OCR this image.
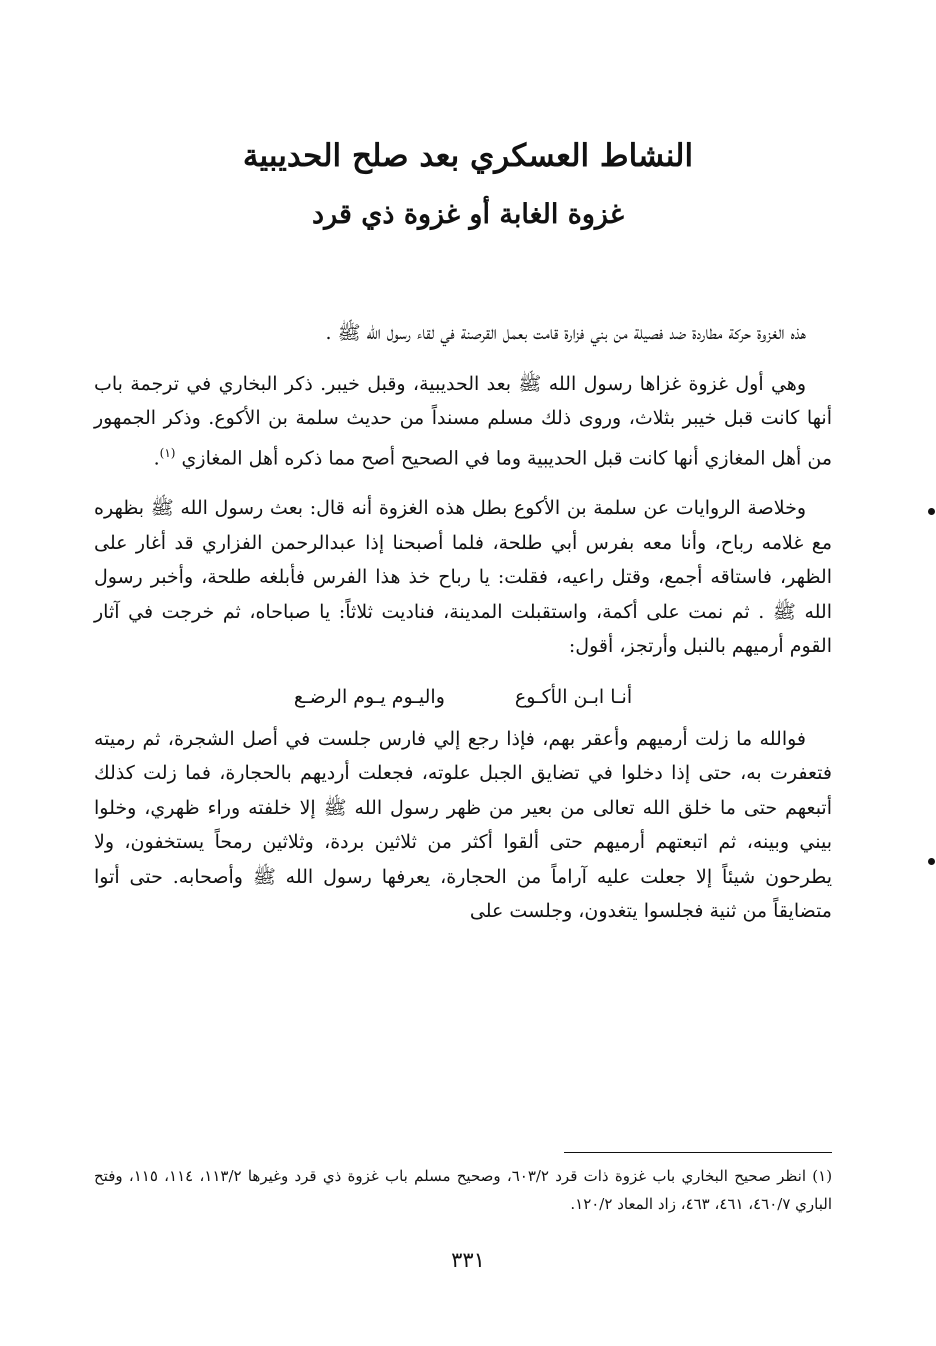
النشاط العسكري بعد صلح الحديبية
غزوة الغابة أو غزوة ذي قرد

هذه الغزوة حركة مطاردة ضد فصيلة من بني فزارة قامت بعمل القرصنة في لقاء رسول الله ﷺ .

وهي أول غزوة غزاها رسول الله ﷺ بعد الحديبية، وقبل خيبر. ذكر البخاري في ترجمة باب أنها كانت قبل خيبر بثلاث، وروى ذلك مسلم مسنداً من حديث سلمة بن الأكوع. وذكر الجمهور من أهل المغازي أنها كانت قبل الحديبية وما في الصحيح أصح مما ذكره أهل المغازي $^{(١)}$.

وخلاصة الروايات عن سلمة بن الأكوع بطل هذه الغزوة أنه قال: بعث رسول الله ﷺ بظهره مع غلامه رباح، وأنا معه بفرس أبي طلحة، فلما أصبحنا إذا عبدالرحمن الفزاري قد أغار على الظهر، فاستاقه أجمع، وقتل راعيه، فقلت: يا رباح خذ هذا الفرس فأبلغه طلحة، وأخبر رسول الله ﷺ . ثم نمت على أكمة، واستقبلت المدينة، فناديت ثلاثاً: يا صباحاه، ثم خرجت في آثار القوم أرميهم بالنبل وأرتجز، أقول:

أنـا ابـن الأكـوع
واليـوم يـوم الرضـع

فوالله ما زلت أرميهم وأعقر بهم، فإذا رجع إلي فارس جلست في أصل الشجرة، ثم رميته فتعفرت به، حتى إذا دخلوا في تضايق الجبل علوته، فجعلت أرديهم بالحجارة، فما زلت كذلك أتبعهم حتى ما خلق الله تعالى من بعير من ظهر رسول الله ﷺ إلا خلفته وراء ظهري، وخلوا بيني وبينه، ثم اتبعتهم أرميهم حتى ألقوا أكثر من ثلاثين بردة، وثلاثين رمحاً يستخفون، ولا يطرحون شيئاً إلا جعلت عليه آراماً من الحجارة، يعرفها رسول الله ﷺ وأصحابه. حتى أتوا متضايقاً من ثنية فجلسوا يتغدون، وجلست على

(١) انظر صحيح البخاري باب غزوة ذات قرد ٦٠٣/٢، وصحيح مسلم باب غزوة ذي قرد وغيرها ١١٣/٢، ١١٤، ١١٥، وفتح الباري ٤٦٠/٧، ٤٦١، ٤٦٣، زاد المعاد ١٢٠/٢.

٣٣١
